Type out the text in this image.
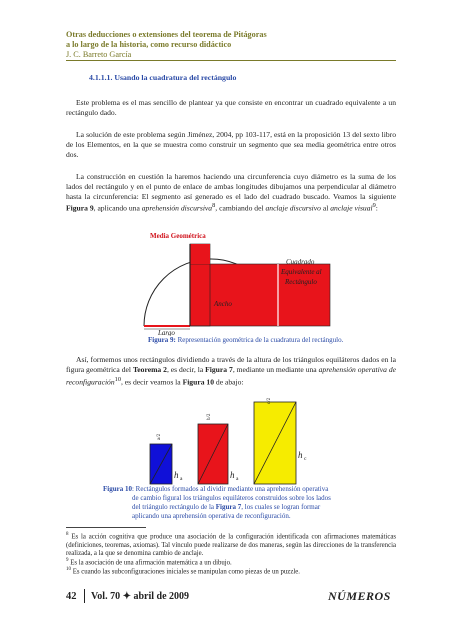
Otras deducciones o extensiones del teorema de Pitágoras
a lo largo de la historia, como recurso didáctico
J. C. Barreto García
4.1.1.1. Usando la cuadratura del rectángulo

Este problema es el mas sencillo de plantear ya que consiste en encontrar un cuadrado equivalente a un rectángulo dado.

La solución de este problema según Jiménez, 2004, pp 103-117, está en la proposición 13 del sexto libro de los Elementos, en la que se muestra como construir un segmento que sea media geométrica entre otros dos.

La construcción en cuestión la haremos haciendo una circunferencia cuyo diámetro es la suma de los lados del rectángulo y en el punto de enlace de ambas longitudes dibujamos una perpendicular al diámetro hasta la circunferencia: El segmento así generado es el lado del cuadrado buscado. Veamos la siguiente Figura 9, aplicando una aprehensión discursiva$^8$, cambiando del anclaje discursivo al anclaje visual$^9$:

Media Geométrica
Cuadrado
Equivalente al
Rectángulo
Ancho
Largo
Figura 9: Representación geométrica de la cuadratura del rectángulo.

Así, formemos unos rectángulos dividiendo a través de la altura de los triángulos equiláteros dados en la figura geométrica del Teorema 2, es decir, la Figura 7, mediante un mediante una aprehensión operativa de reconfiguración$^{10}$, es decir veamos la Figura 10 de abajo:

a/2
b/2
c/2
h a	h a
h c
Figura 10: Rectángulos formados al dividir mediante una aprehensión operativa
de cambio figural los triángulos equiláteros construidos sobre los lados
del triángulo rectángulo de la Figura 7, los cuales se logran formar
aplicando una aprehensión operativa de reconfiguración.

$^8$ Es la acción cognitiva que produce una asociación de la configuración identificada con afirmaciones matemáticas (definiciones, teoremas, axiomas). Tal vínculo puede realizarse de dos maneras, según las direcciones de la transferencia realizada, a la que se denomina cambio de anclaje.

$^9$ Es la asociación de una afirmación matemática a un dibujo.

$^{10}$ Es cuando las subconfiguraciones iniciales se manipulan como piezas de un puzzle.

42 Vol. 70 ✦ abril de 2009	NÚMEROS
